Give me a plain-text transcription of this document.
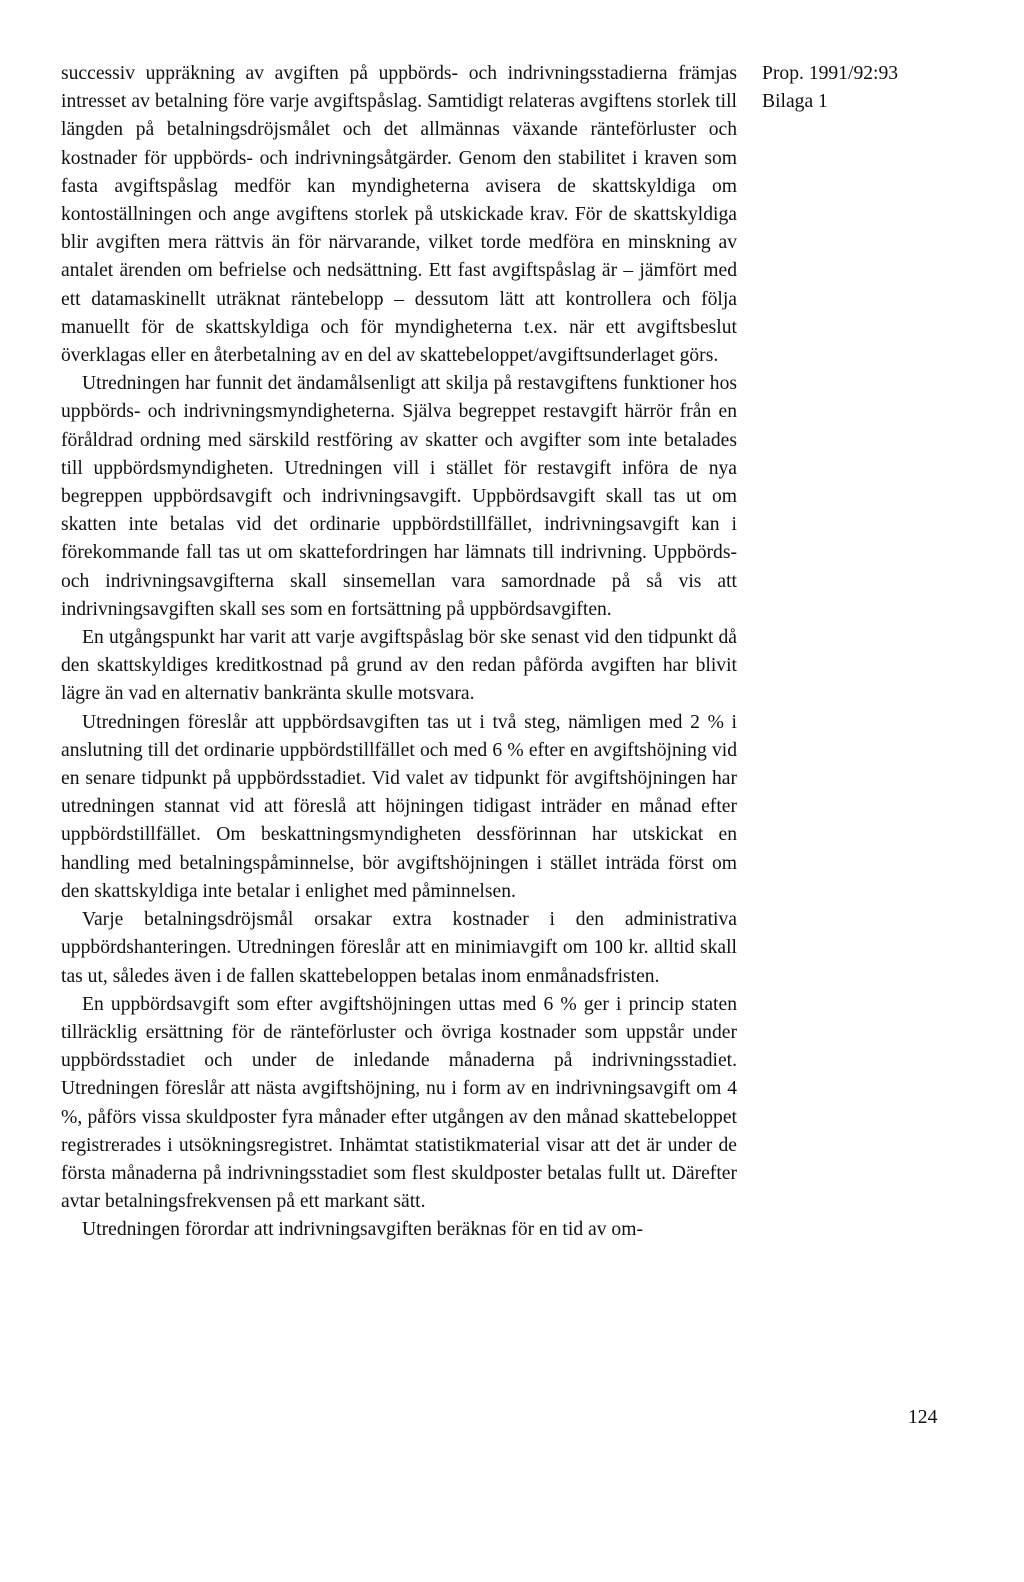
Prop. 1991/92:93
Bilaga 1

successiv uppräkning av avgiften på uppbörds- och indrivningsstadierna främjas intresset av betalning före varje avgiftspåslag. Samtidigt relateras avgiftens storlek till längden på betalningsdröjsmålet och det allmännas växande ränteförluster och kostnader för uppbörds- och indrivningsåtgärder. Genom den stabilitet i kraven som fasta avgiftspåslag medför kan myndigheterna avisera de skattskyldiga om kontoställningen och ange avgiftens storlek på utskickade krav. För de skattskyldiga blir avgiften mera rättvis än för närvarande, vilket torde medföra en minskning av antalet ärenden om befrielse och nedsättning. Ett fast avgiftspåslag är – jämfört med ett datamaskinellt uträknat räntebelopp – dessutom lätt att kontrollera och följa manuellt för de skattskyldiga och för myndigheterna t.ex. när ett avgiftsbeslut överklagas eller en återbetalning av en del av skattebeloppet/avgiftsunderlaget görs.

Utredningen har funnit det ändamålsenligt att skilja på restavgiftens funktioner hos uppbörds- och indrivningsmyndigheterna. Själva begreppet restavgift härrör från en föråldrad ordning med särskild restföring av skatter och avgifter som inte betalades till uppbördsmyndigheten. Utredningen vill i stället för restavgift införa de nya begreppen uppbördsavgift och indrivningsavgift. Uppbördsavgift skall tas ut om skatten inte betalas vid det ordinarie uppbördstillfället, indrivningsavgift kan i förekommande fall tas ut om skattefordringen har lämnats till indrivning. Uppbörds- och indrivningsavgifterna skall sinsemellan vara samordnade på så vis att indrivningsavgiften skall ses som en fortsättning på uppbördsavgiften.

En utgångspunkt har varit att varje avgiftspåslag bör ske senast vid den tidpunkt då den skattskyldiges kreditkostnad på grund av den redan påförda avgiften har blivit lägre än vad en alternativ bankränta skulle motsvara.

Utredningen föreslår att uppbördsavgiften tas ut i två steg, nämligen med 2 % i anslutning till det ordinarie uppbördstillfället och med 6 % efter en avgiftshöjning vid en senare tidpunkt på uppbördsstadiet. Vid valet av tidpunkt för avgiftshöjningen har utredningen stannat vid att föreslå att höjningen tidigast inträder en månad efter uppbördstillfället. Om beskattningsmyndigheten dessförinnan har utskickat en handling med betalningspåminnelse, bör avgiftshöjningen i stället inträda först om den skattskyldiga inte betalar i enlighet med påminnelsen.

Varje betalningsdröjsmål orsakar extra kostnader i den administrativa uppbördshanteringen. Utredningen föreslår att en minimiavgift om 100 kr. alltid skall tas ut, således även i de fallen skattebeloppen betalas inom enmånadsfristen.

En uppbördsavgift som efter avgiftshöjningen uttas med 6 % ger i princip staten tillräcklig ersättning för de ränteförluster och övriga kostnader som uppstår under uppbördsstadiet och under de inledande månaderna på indrivningsstadiet. Utredningen föreslår att nästa avgiftshöjning, nu i form av en indrivningsavgift om 4 %, påförs vissa skuldposter fyra månader efter utgången av den månad skattebeloppet registrerades i utsökningsregistret. Inhämtat statistikmaterial visar att det är under de första månaderna på indrivningsstadiet som flest skuldposter betalas fullt ut. Därefter avtar betalningsfrekvensen på ett markant sätt.

Utredningen förordar att indrivningsavgiften beräknas för en tid av om-

124
